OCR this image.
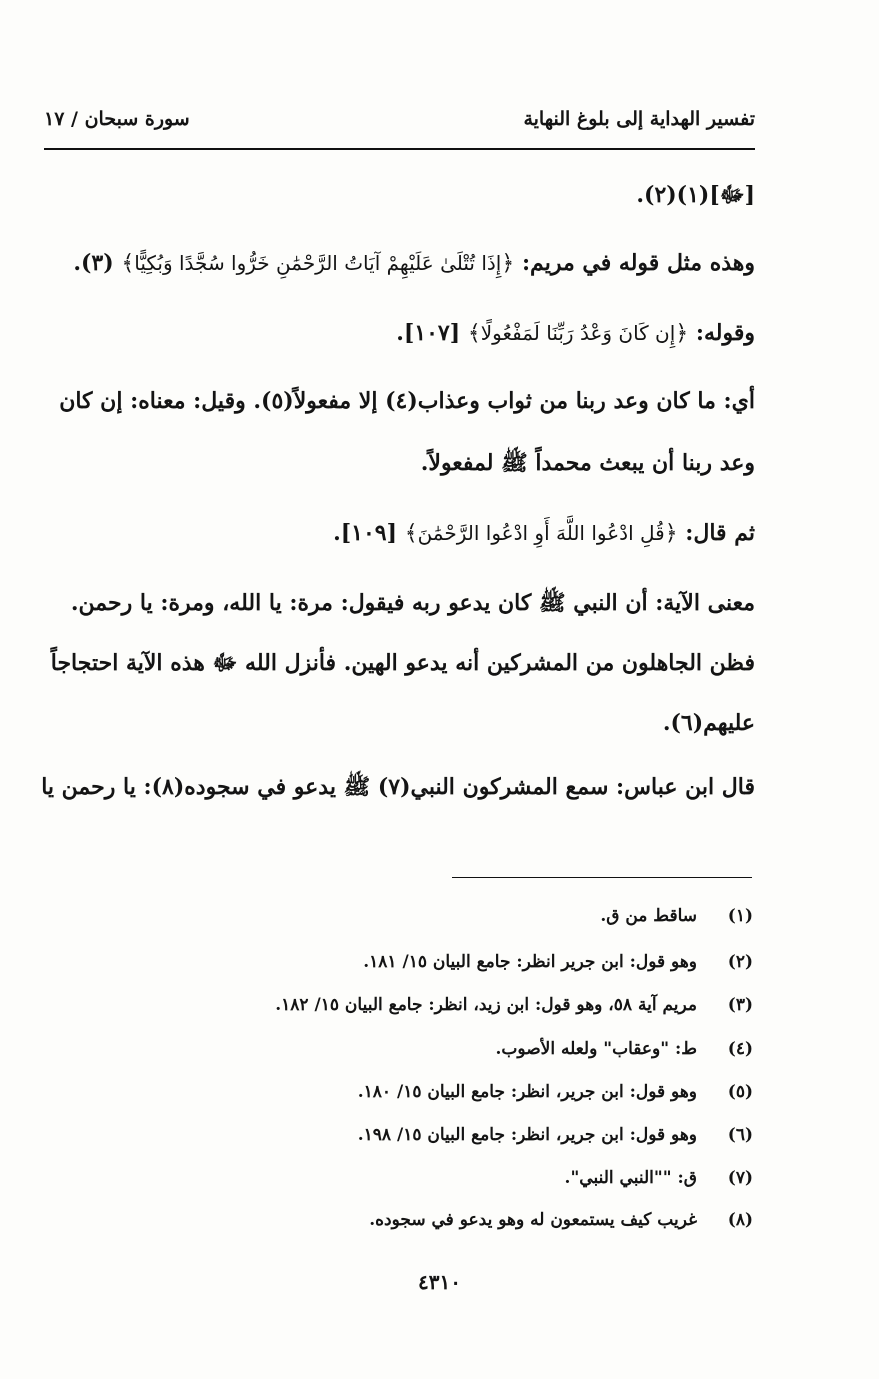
تفسير الهداية إلى بلوغ النهاية
سورة سبحان / ١٧
[ﷻ](١)(٢).
وهذه مثل قوله في مريم: ﴿إِذَا تُتْلَىٰ عَلَيْهِمْ آيَاتُ الرَّحْمَٰنِ خَرُّوا سُجَّدًا وَبُكِيًّا﴾ (٣).
وقوله: ﴿إِن كَانَ وَعْدُ رَبِّنَا لَمَفْعُولًا﴾ [١٠٧].
أي: ما كان وعد ربنا من ثواب وعذاب(٤) إلا مفعولاً(٥). وقيل: معناه: إن كان
وعد ربنا أن يبعث محمداً ﷺ لمفعولاً.
ثم قال: ﴿قُلِ ادْعُوا اللَّهَ أَوِ ادْعُوا الرَّحْمَٰنَ﴾ [١٠٩].
معنى الآية: أن النبي ﷺ كان يدعو ربه فيقول: مرة: يا الله، ومرة: يا رحمن.
فظن الجاهلون من المشركين أنه يدعو الهين. فأنزل الله ﷻ هذه الآية احتجاجاً
عليهم(٦).
قال ابن عباس: سمع المشركون النبي(٧) ﷺ يدعو في سجوده(٨): يا رحمن يا
(١)ساقط من ق.
(٢)وهو قول: ابن جرير انظر: جامع البيان ١٥/ ١٨١.
(٣)مريم آية ٥٨، وهو قول: ابن زيد، انظر: جامع البيان ١٥/ ١٨٢.
(٤)ط: "وعقاب" ولعله الأصوب.
(٥)وهو قول: ابن جرير، انظر: جامع البيان ١٥/ ١٨٠.
(٦)وهو قول: ابن جرير، انظر: جامع البيان ١٥/ ١٩٨.
(٧)ق: ""النبي النبي".
(٨)غريب كيف يستمعون له وهو يدعو في سجوده.
٤٣١٠
